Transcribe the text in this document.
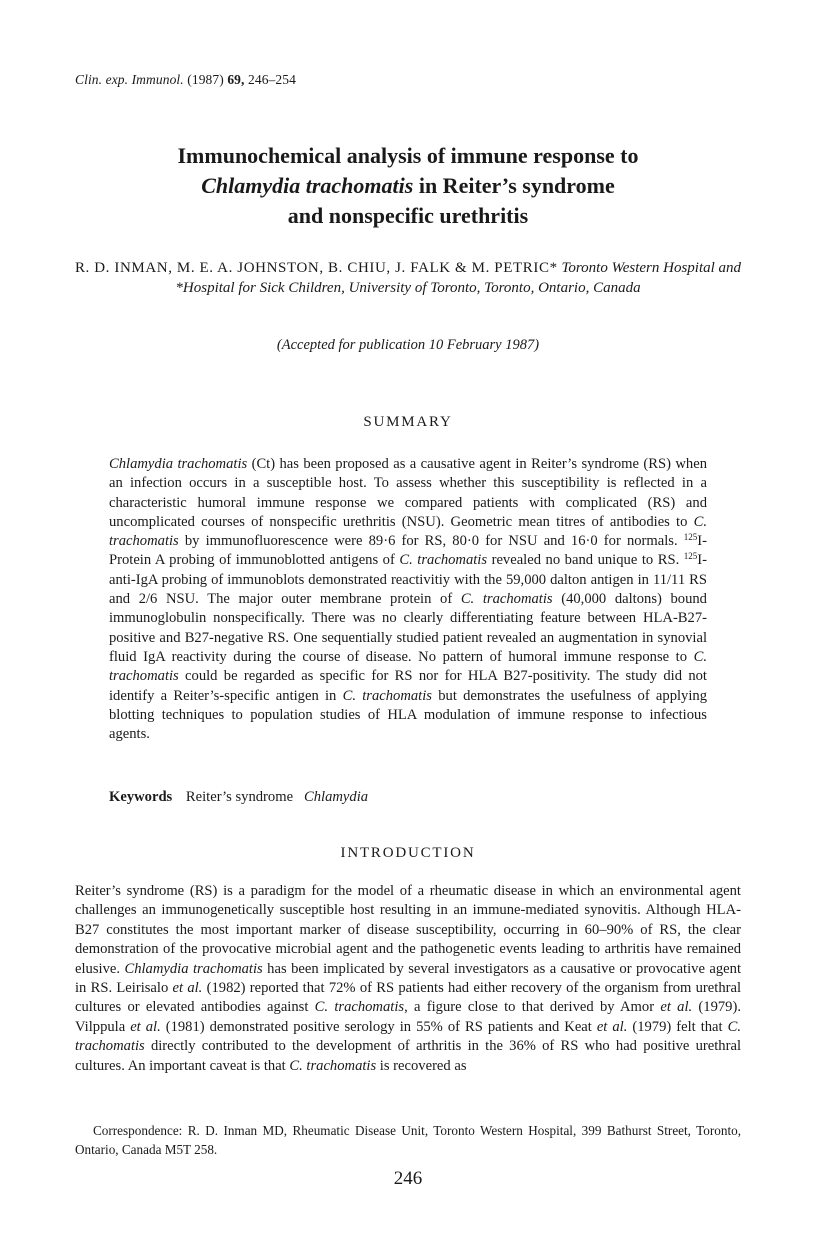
Clin. exp. Immunol. (1987) 69, 246–254
Immunochemical analysis of immune response to
Chlamydia trachomatis in Reiter’s syndrome
and nonspecific urethritis
R. D. INMAN, M. E. A. JOHNSTON, B. CHIU, J. FALK & M. PETRIC* Toronto Western Hospital and *Hospital for Sick Children, University of Toronto, Toronto, Ontario, Canada
(Accepted for publication 10 February 1987)
SUMMARY

Chlamydia trachomatis (Ct) has been proposed as a causative agent in Reiter’s syndrome (RS) when an infection occurs in a susceptible host. To assess whether this susceptibility is reflected in a characteristic humoral immune response we compared patients with complicated (RS) and uncomplicated courses of nonspecific urethritis (NSU). Geometric mean titres of antibodies to C. trachomatis by immunofluorescence were 89·6 for RS, 80·0 for NSU and 16·0 for normals. $^{125}$I-Protein A probing of immunoblotted antigens of C. trachomatis revealed no band unique to RS. $^{125}$I-anti-IgA probing of immunoblots demonstrated reactivitiy with the 59,000 dalton antigen in 11/11 RS and 2/6 NSU. The major outer membrane protein of C. trachomatis (40,000 daltons) bound immunoglobulin nonspecifically. There was no clearly differentiating feature between HLA-B27-positive and B27-negative RS. One sequentially studied patient revealed an augmentation in synovial fluid IgA reactivity during the course of disease. No pattern of humoral immune response to C. trachomatis could be regarded as specific for RS nor for HLA B27-positivity. The study did not identify a Reiter’s-specific antigen in C. trachomatis but demonstrates the usefulness of applying blotting techniques to population studies of HLA modulation of immune response to infectious agents.

Keywords Reiter’s syndrome Chlamydia
INTRODUCTION

Reiter’s syndrome (RS) is a paradigm for the model of a rheumatic disease in which an environmental agent challenges an immunogenetically susceptible host resulting in an immune-mediated synovitis. Although HLA-B27 constitutes the most important marker of disease susceptibility, occurring in 60–90% of RS, the clear demonstration of the provocative microbial agent and the pathogenetic events leading to arthritis have remained elusive. Chlamydia trachomatis has been implicated by several investigators as a causative or provocative agent in RS. Leirisalo et al. (1982) reported that 72% of RS patients had either recovery of the organism from urethral cultures or elevated antibodies against C. trachomatis, a figure close to that derived by Amor et al. (1979). Vilppula et al. (1981) demonstrated positive serology in 55% of RS patients and Keat et al. (1979) felt that C. trachomatis directly contributed to the development of arthritis in the 36% of RS who had positive urethral cultures. An important caveat is that C. trachomatis is recovered as

Correspondence: R. D. Inman MD, Rheumatic Disease Unit, Toronto Western Hospital, 399 Bathurst Street, Toronto, Ontario, Canada M5T 258.
246
